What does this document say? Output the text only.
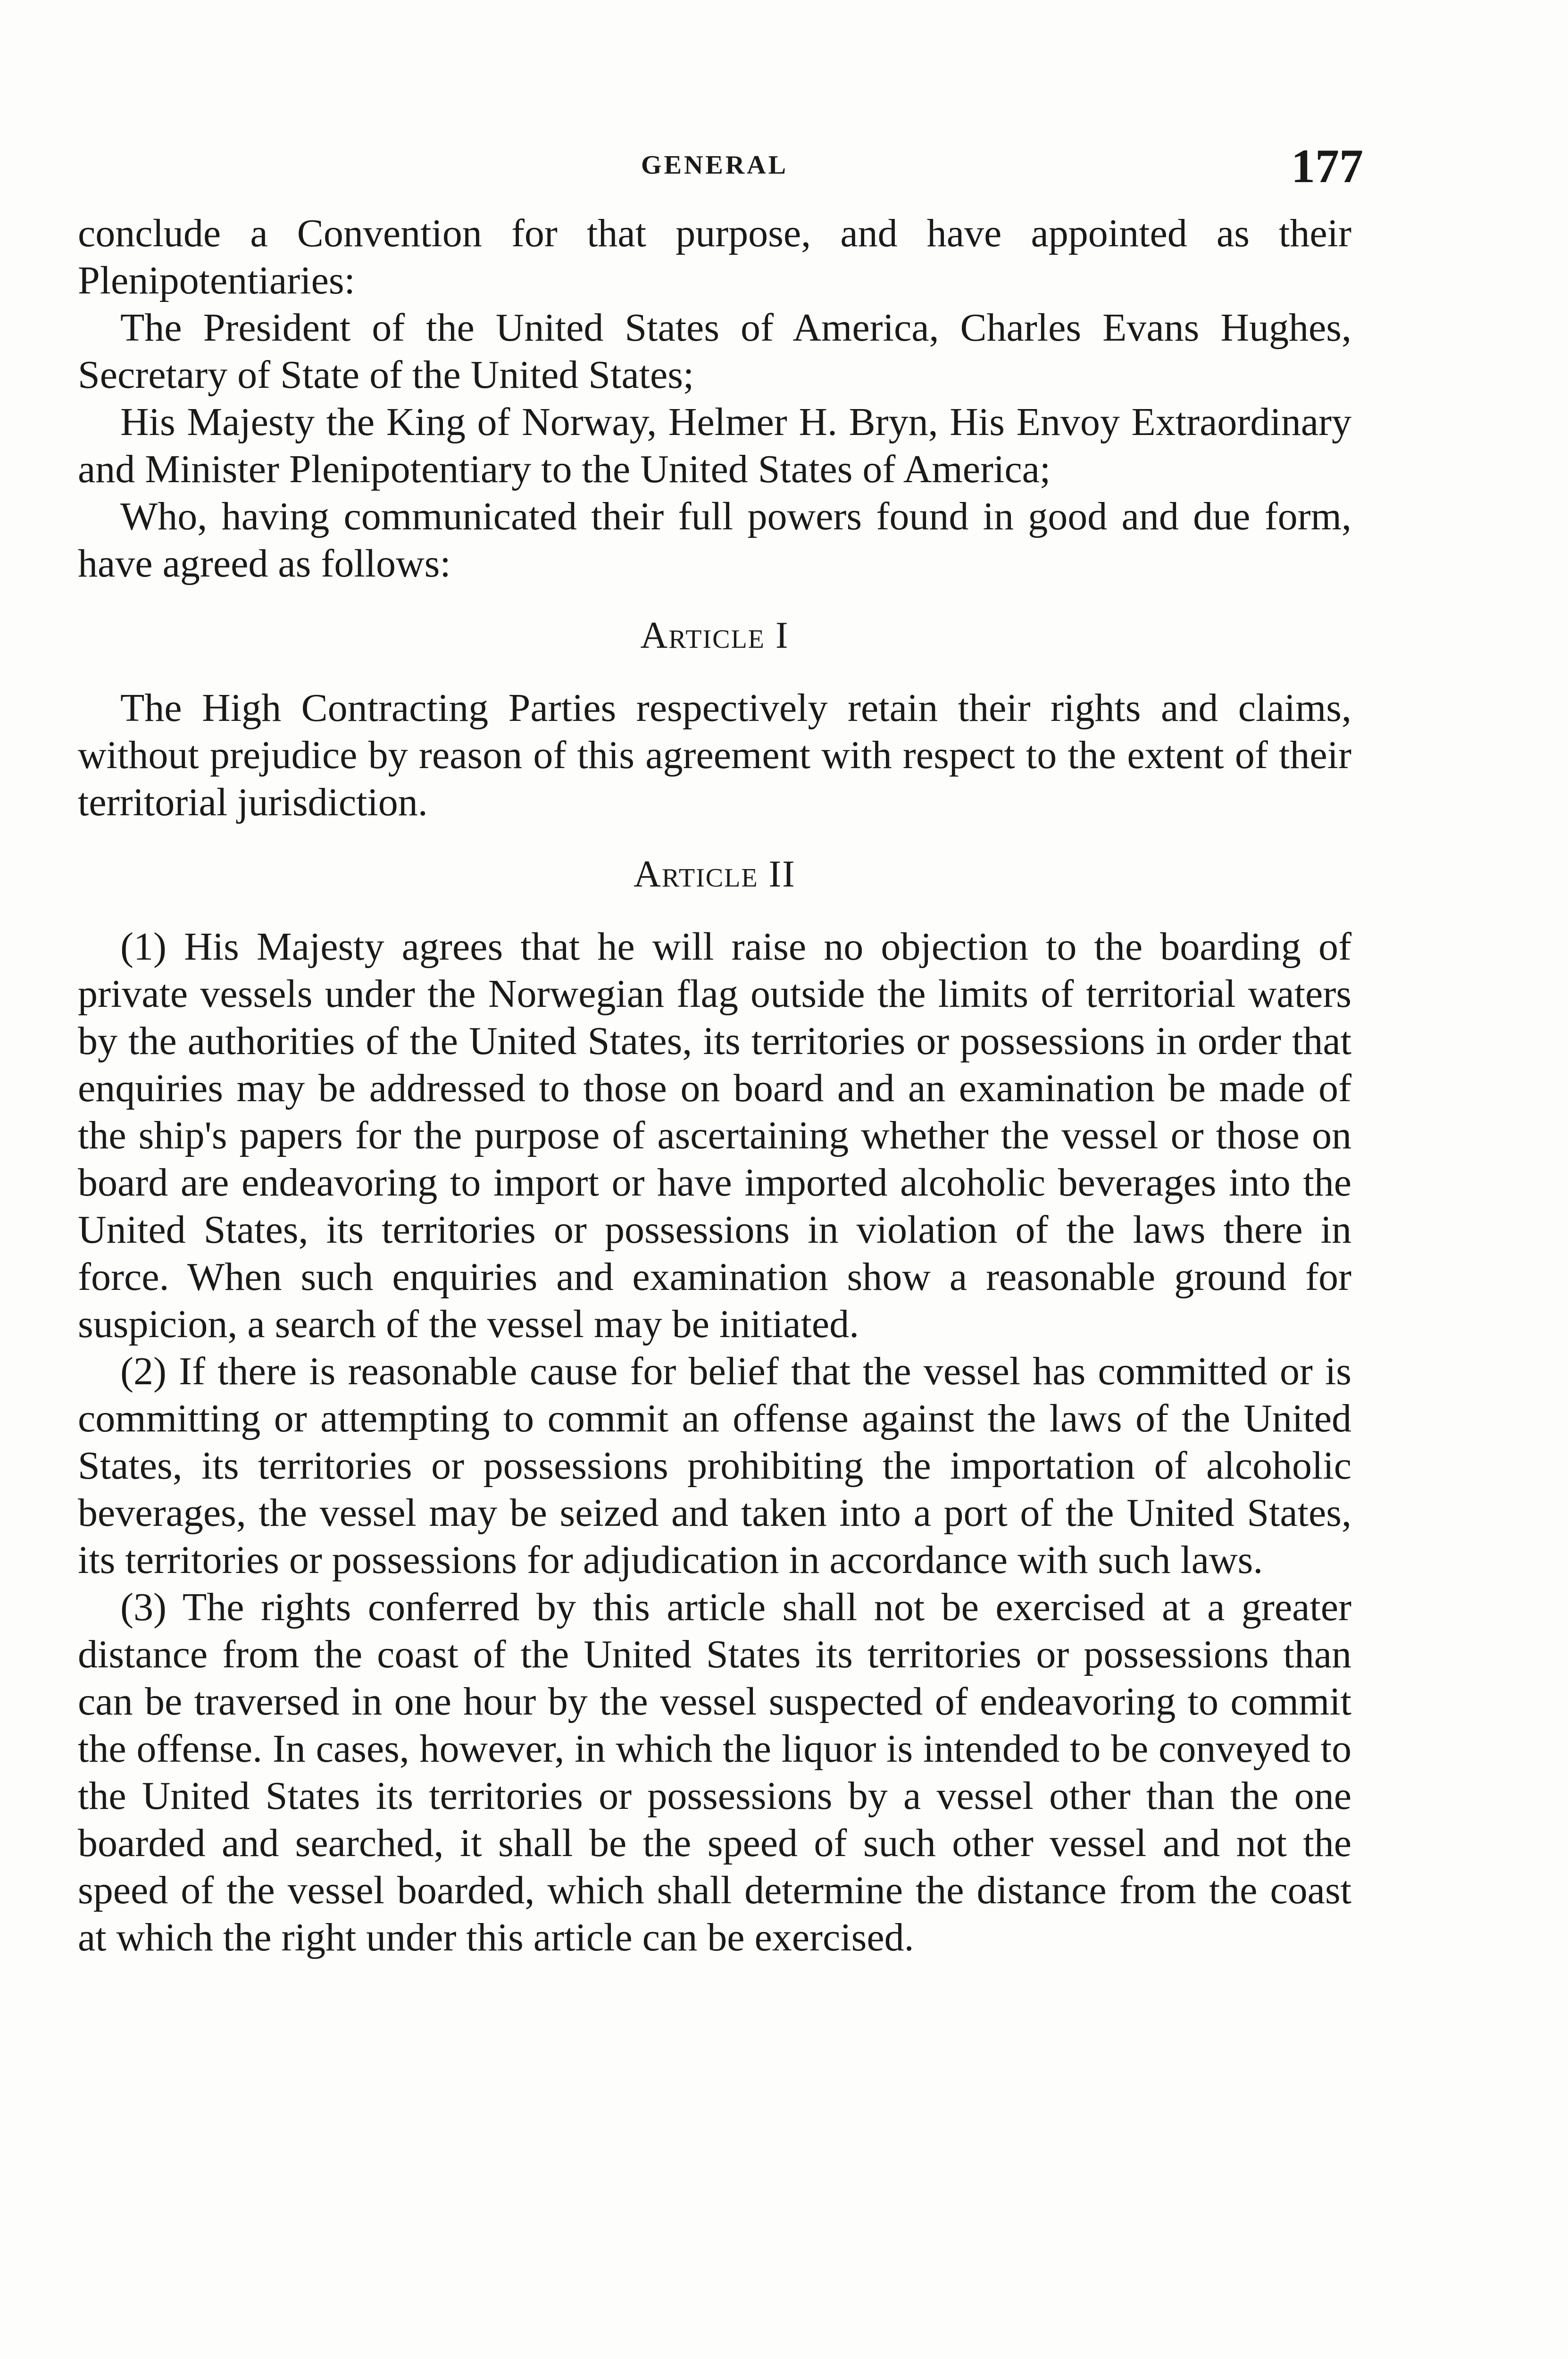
GENERAL	177

conclude a Convention for that purpose, and have appointed as their Plenipotentiaries:

The President of the United States of America, Charles Evans Hughes, Secretary of State of the United States;

His Majesty the King of Norway, Helmer H. Bryn, His Envoy Extraordinary and Minister Plenipotentiary to the United States of America;

Who, having communicated their full powers found in good and due form, have agreed as follows:

Article I

The High Contracting Parties respectively retain their rights and claims, without prejudice by reason of this agreement with respect to the extent of their territorial jurisdiction.

Article II

(1) His Majesty agrees that he will raise no objection to the boarding of private vessels under the Norwegian flag outside the limits of territorial waters by the authorities of the United States, its territories or possessions in order that enquiries may be addressed to those on board and an examination be made of the ship's papers for the purpose of ascertaining whether the vessel or those on board are endeavoring to import or have imported alcoholic beverages into the United States, its territories or possessions in violation of the laws there in force. When such enquiries and examination show a reasonable ground for suspicion, a search of the vessel may be initiated.

(2) If there is reasonable cause for belief that the vessel has committed or is committing or attempting to commit an offense against the laws of the United States, its territories or possessions prohibiting the importation of alcoholic beverages, the vessel may be seized and taken into a port of the United States, its territories or possessions for adjudication in accordance with such laws.

(3) The rights conferred by this article shall not be exercised at a greater distance from the coast of the United States its territories or possessions than can be traversed in one hour by the vessel suspected of endeavoring to commit the offense. In cases, however, in which the liquor is intended to be conveyed to the United States its territories or possessions by a vessel other than the one boarded and searched, it shall be the speed of such other vessel and not the speed of the vessel boarded, which shall determine the distance from the coast at which the right under this article can be exercised.
